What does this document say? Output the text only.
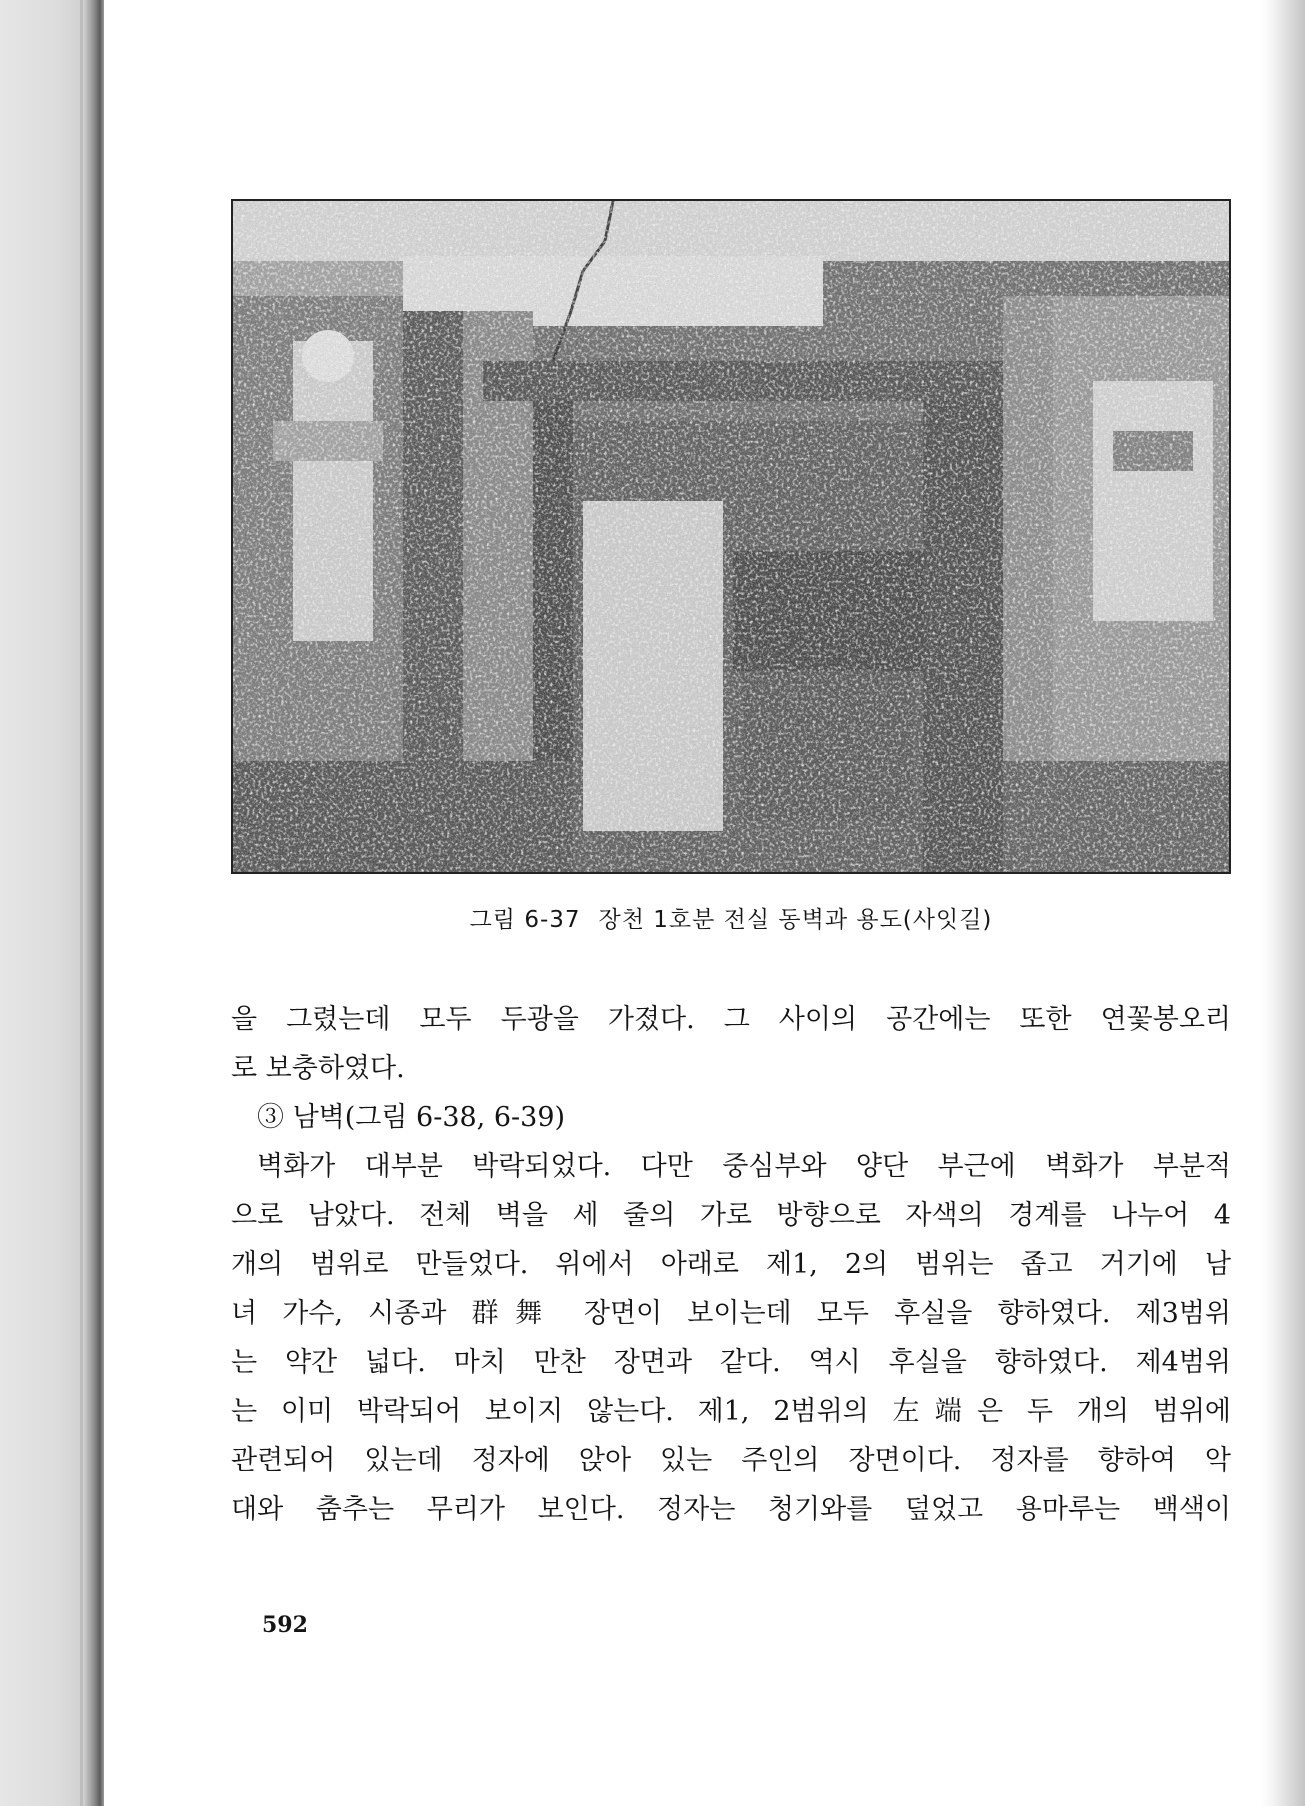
그림 6-37 장천 1호분 전실 동벽과 용도(사잇길)
을 그렸는데 모두 두광을 가졌다. 그 사이의 공간에는 또한 연꽃봉오리
로 보충하였다.
③ 남벽(그림 6-38, 6-39)
벽화가 대부분 박락되었다. 다만 중심부와 양단 부근에 벽화가 부분적
으로 남았다. 전체 벽을 세 줄의 가로 방향으로 자색의 경계를 나누어 4
개의 범위로 만들었다. 위에서 아래로 제1, 2의 범위는 좁고 거기에 남
녀 가수, 시종과 群舞 장면이 보이는데 모두 후실을 향하였다. 제3범위
는 약간 넓다. 마치 만찬 장면과 같다. 역시 후실을 향하였다. 제4범위
는 이미 박락되어 보이지 않는다. 제1, 2범위의 左端은 두 개의 범위에
관련되어 있는데 정자에 앉아 있는 주인의 장면이다. 정자를 향하여 악
대와 춤추는 무리가 보인다. 정자는 청기와를 덮었고 용마루는 백색이
592
